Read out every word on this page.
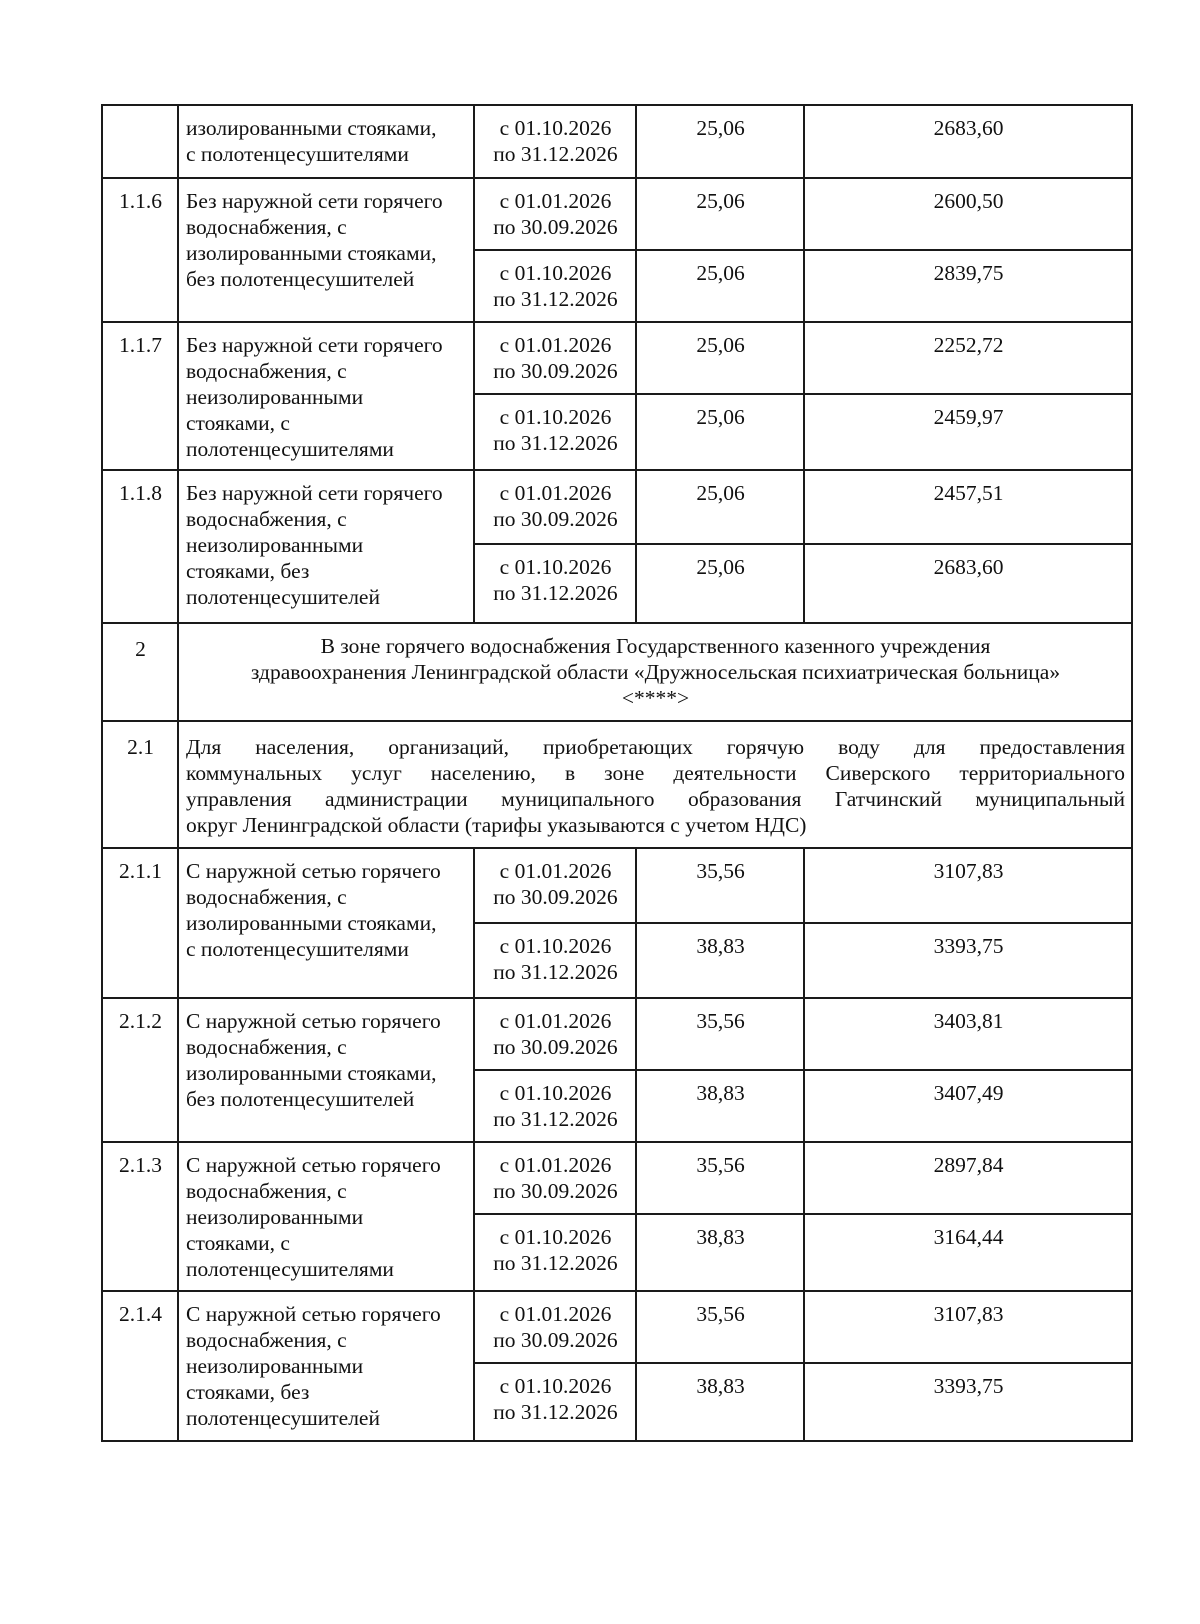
	изолированными стояками,
с полотенцесушителями	с 01.10.2026
по 31.12.2026	25,06	2683,60
1.1.6	Без наружной сети горячего
водоснабжения, с
изолированными стояками,
без полотенцесушителей	с 01.01.2026
по 30.09.2026	25,06	2600,50

		с 01.10.2026
по 31.12.2026	25,06	2839,75
1.1.7	Без наружной сети горячего
водоснабжения, с
неизолированными
стояками, с
полотенцесушителями	с 01.01.2026
по 30.09.2026	25,06	2252,72

		с 01.10.2026
по 31.12.2026	25,06	2459,97
1.1.8	Без наружной сети горячего
водоснабжения, с
неизолированными
стояками, без
полотенцесушителей	с 01.01.2026
по 30.09.2026	25,06	2457,51

		с 01.10.2026
по 31.12.2026	25,06	2683,60
2	В зоне горячего водоснабжения Государственного казенного учреждения
здравоохранения Ленинградской области «Дружносельская психиатрическая больница»
<****>			

2.1	Для населения, организаций, приобретающих горячую воду для предоставления
коммунальных услуг населению, в зоне деятельности Сиверского территориального
управления администрации муниципального образования Гатчинский муниципальный
округ Ленинградской области (тарифы указываются с учетом НДС)			

2.1.1	С наружной сетью горячего
водоснабжения, с
изолированными стояками,
с полотенцесушителями	с 01.01.2026
по 30.09.2026	35,56	3107,83

		с 01.10.2026
по 31.12.2026	38,83	3393,75
2.1.2	С наружной сетью горячего
водоснабжения, с
изолированными стояками,
без полотенцесушителей	с 01.01.2026
по 30.09.2026	35,56	3403,81

		с 01.10.2026
по 31.12.2026	38,83	3407,49
2.1.3	С наружной сетью горячего
водоснабжения, с
неизолированными
стояками, с
полотенцесушителями	с 01.01.2026
по 30.09.2026	35,56	2897,84

		с 01.10.2026
по 31.12.2026	38,83	3164,44
2.1.4	С наружной сетью горячего
водоснабжения, с
неизолированными
стояками, без
полотенцесушителей	с 01.01.2026
по 30.09.2026	35,56	3107,83

		с 01.10.2026
по 31.12.2026	38,83	3393,75
